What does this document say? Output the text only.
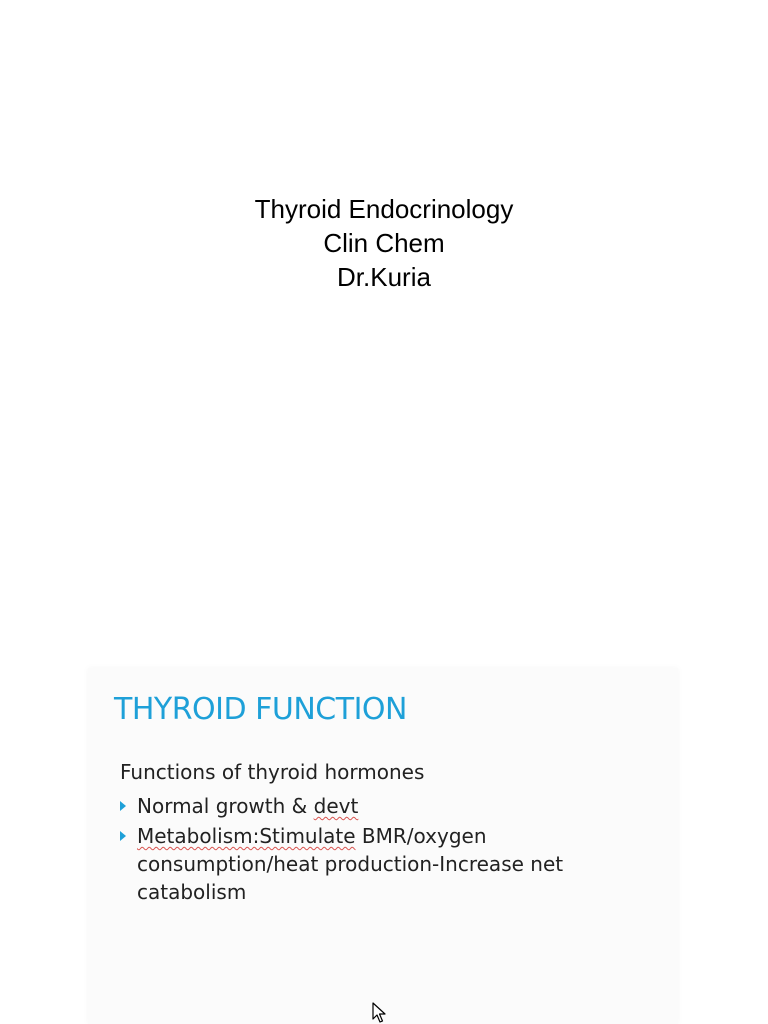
Thyroid Endocrinology
Clin Chem
Dr.Kuria
THYROID FUNCTION
Functions of thyroid hormones
Normal growth & devt
Metabolism:Stimulate BMR/oxygen consumption/heat production-Increase net catabolism
